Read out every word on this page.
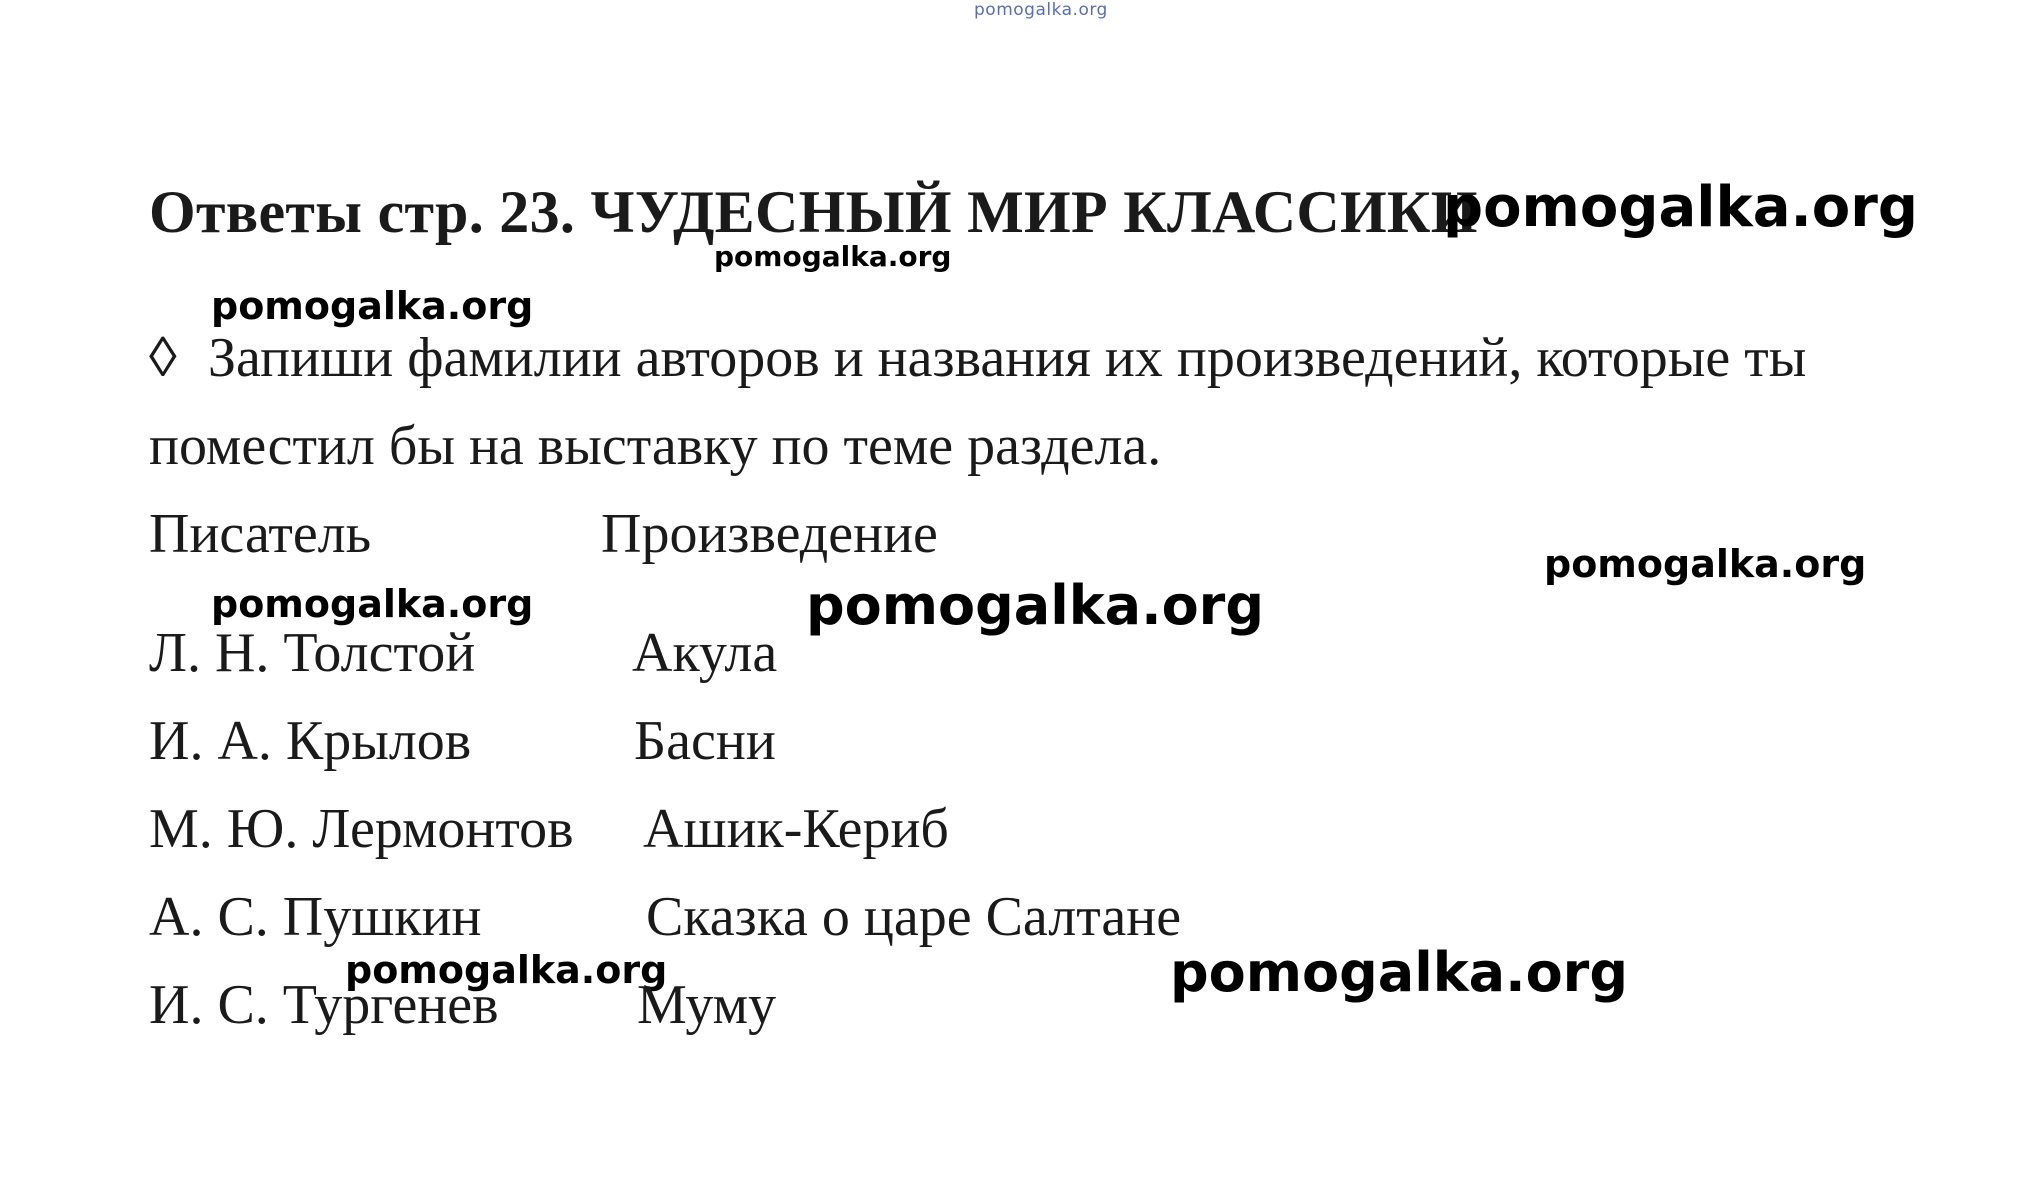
pomogalka.org
Ответы стр. 23. ЧУДЕСНЫЙ МИР КЛАССИКИ
pomogalka.org
pomogalka.org
pomogalka.org
◊ Запиши фамилии авторов и названия их произведений, которые ты
поместил бы на выставку по теме раздела.
Писатель	Произведение	pomogalka.org
pomogalka.org	pomogalka.org
Л. Н. Толстой	Акула
И. А. Крылов	Басни
М. Ю. Лермонтов Ашик-Кериб
А. С. Пушкин	Сказка о царе Салтане
pomogalka.org	pomogalka.org
И. С. Тургенев Муму
